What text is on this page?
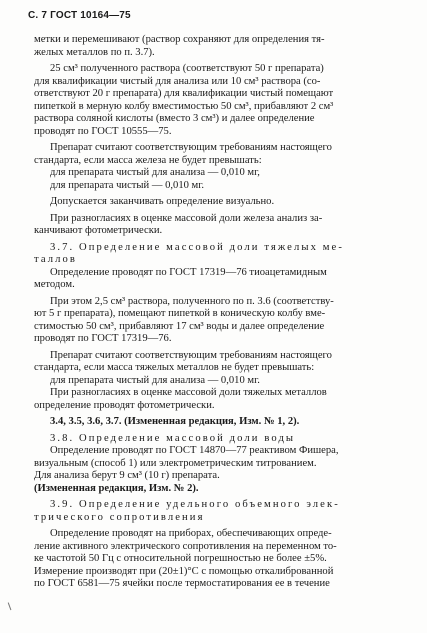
С. 7 ГОСТ 10164—75

метки и перемешивают (раствор сохраняют для определения тя-

желых металлов по п. 3.7).

25 см³ полученного раствора (соответствуют 50 г препарата)

для квалификации чистый для анализа или 10 см³ раствора (со-

ответствуют 20 г препарата) для квалификации чистый помещают

пипеткой в мерную колбу вместимостью 50 см³, прибавляют 2 см³

раствора соляной кислоты (вместо 3 см³) и далее определение

проводят по ГОСТ 10555—75.

Препарат считают соответствующим требованиям настоящего

стандарта, если масса железа не будет превышать:

для препарата чистый для анализа — 0,010 мг,

для препарата чистый — 0,010 мг.

Допускается заканчивать определение визуально.

При разногласиях в оценке массовой доли железа анализ за-

канчивают фотометрически.

3.7. Определение массовой доли тяжелых ме-

таллов

Определение проводят по ГОСТ 17319—76 тиоацетамидным

методом.

При этом 2,5 см³ раствора, полученного по п. 3.6 (соответству-

ют 5 г препарата), помещают пипеткой в коническую колбу вме-

стимостью 50 см³, прибавляют 17 см³ воды и далее определение

проводят по ГОСТ 17319—76.

Препарат считают соответствующим требованиям настоящего

стандарта, если масса тяжелых металлов не будет превышать:

для препарата чистый для анализа — 0,010 мг.

При разногласиях в оценке массовой доли тяжелых металлов

определение проводят фотометрически.

3.4, 3.5, 3.6, 3.7. (Измененная редакция, Изм. № 1, 2).

3.8. Определение массовой доли воды

Определение проводят по ГОСТ 14870—77 реактивом Фишера,

визуальным (способ 1) или электрометрическим титрованием.

Для анализа берут 9 см³ (10 г) препарата.

(Измененная редакция, Изм. № 2).

3.9. Определение удельного объемного элек-

трического сопротивления

Определение проводят на приборах, обеспечивающих опреде-

ление активного электрического сопротивления на переменном то-

ке частотой 50 Гц с относительной погрешностью не более ±5%.

Измерение производят при (20±1)°С с помощью откалиброванной

по ГОСТ 6581—75 ячейки после термостатирования ее в течение
